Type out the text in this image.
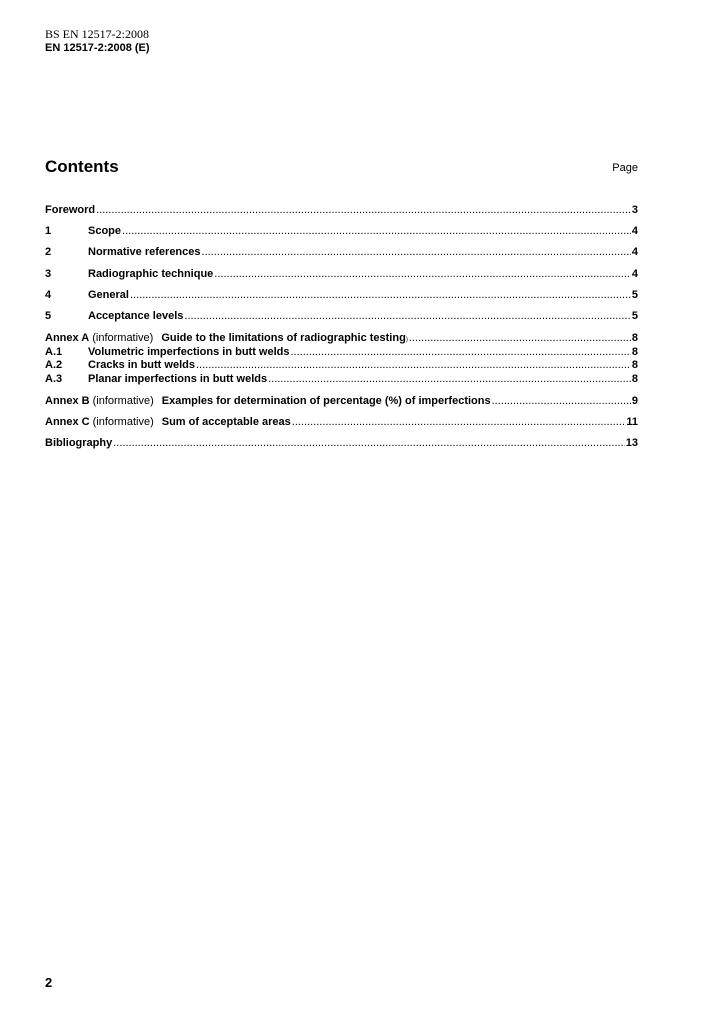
BS EN 12517-2:2008
EN 12517-2:2008 (E)
Contents	Page
Foreword .....	3
1	Scope .....	4
2	Normative references .....	4
3	Radiographic technique .....	4
4	General .....	5
5	Acceptance levels .....	5
Annex A (informative) Guide to the limitations of radiographic testing ) .....	8
A.1	Volumetric imperfections in butt welds .....	8
A.2	Cracks in butt welds .....	8
A.3	Planar imperfections in butt welds .....	8
Annex B (informative) Examples for determination of percentage (%) of imperfections .....	9
Annex C (informative) Sum of acceptable areas .....	11
Bibliography .....	13
2
